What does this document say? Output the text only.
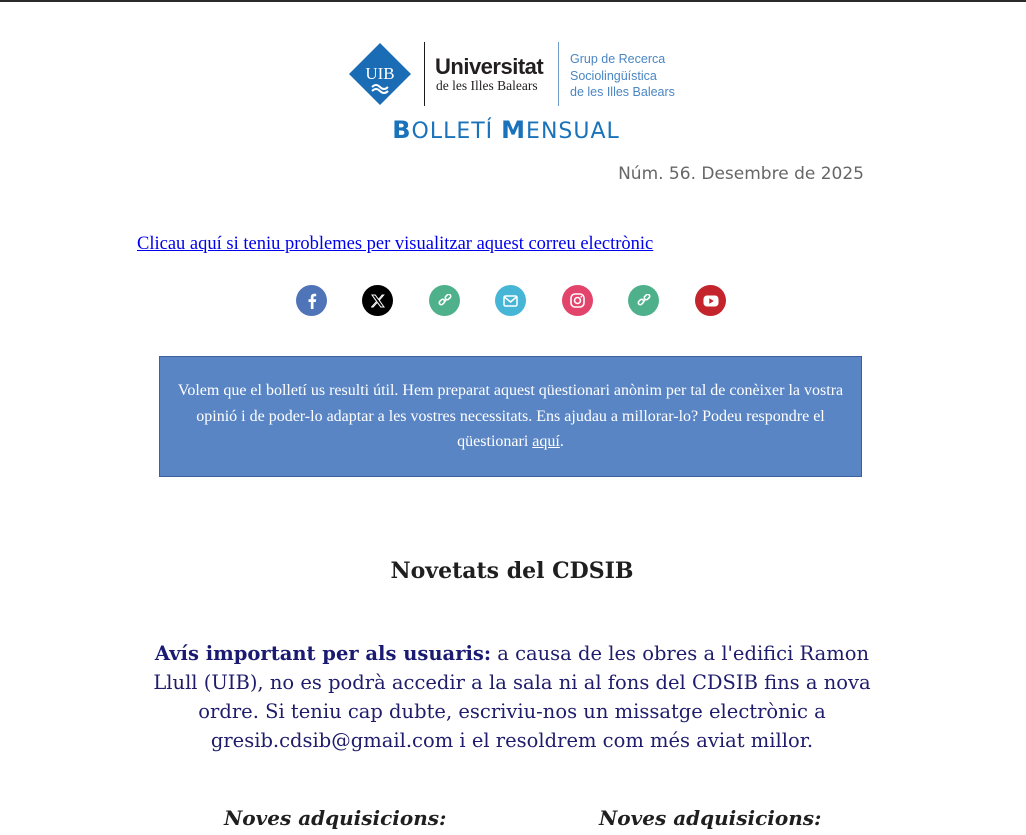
UIB Universitat
de les Illes Balears
Grup de Recerca
Sociolingüística
de les Illes Balears
BOLLETÍ MENSUAL
Núm. 56. Desembre de 2025
Clicau aquí si teniu problemes per visualitzar aquest correu electrònic
Volem que el bolletí us resulti útil. Hem preparat aquest qüestionari anònim per tal de conèixer la vostra opinió i de poder-lo adaptar a les vostres necessitats. Ens ajudau a millorar-lo? Podeu respondre el qüestionari aquí.
Novetats del CDSIB
Avís important per als usuaris: a causa de les obres a l'edifici Ramon Llull (UIB), no es podrà accedir a la sala ni al fons del CDSIB fins a nova ordre. Si teniu cap dubte, escriviu-nos un missatge electrònic a gresib.cdsib@gmail.com i el resoldrem com més aviat millor.
Noves adquisicions:	Noves adquisicions:
